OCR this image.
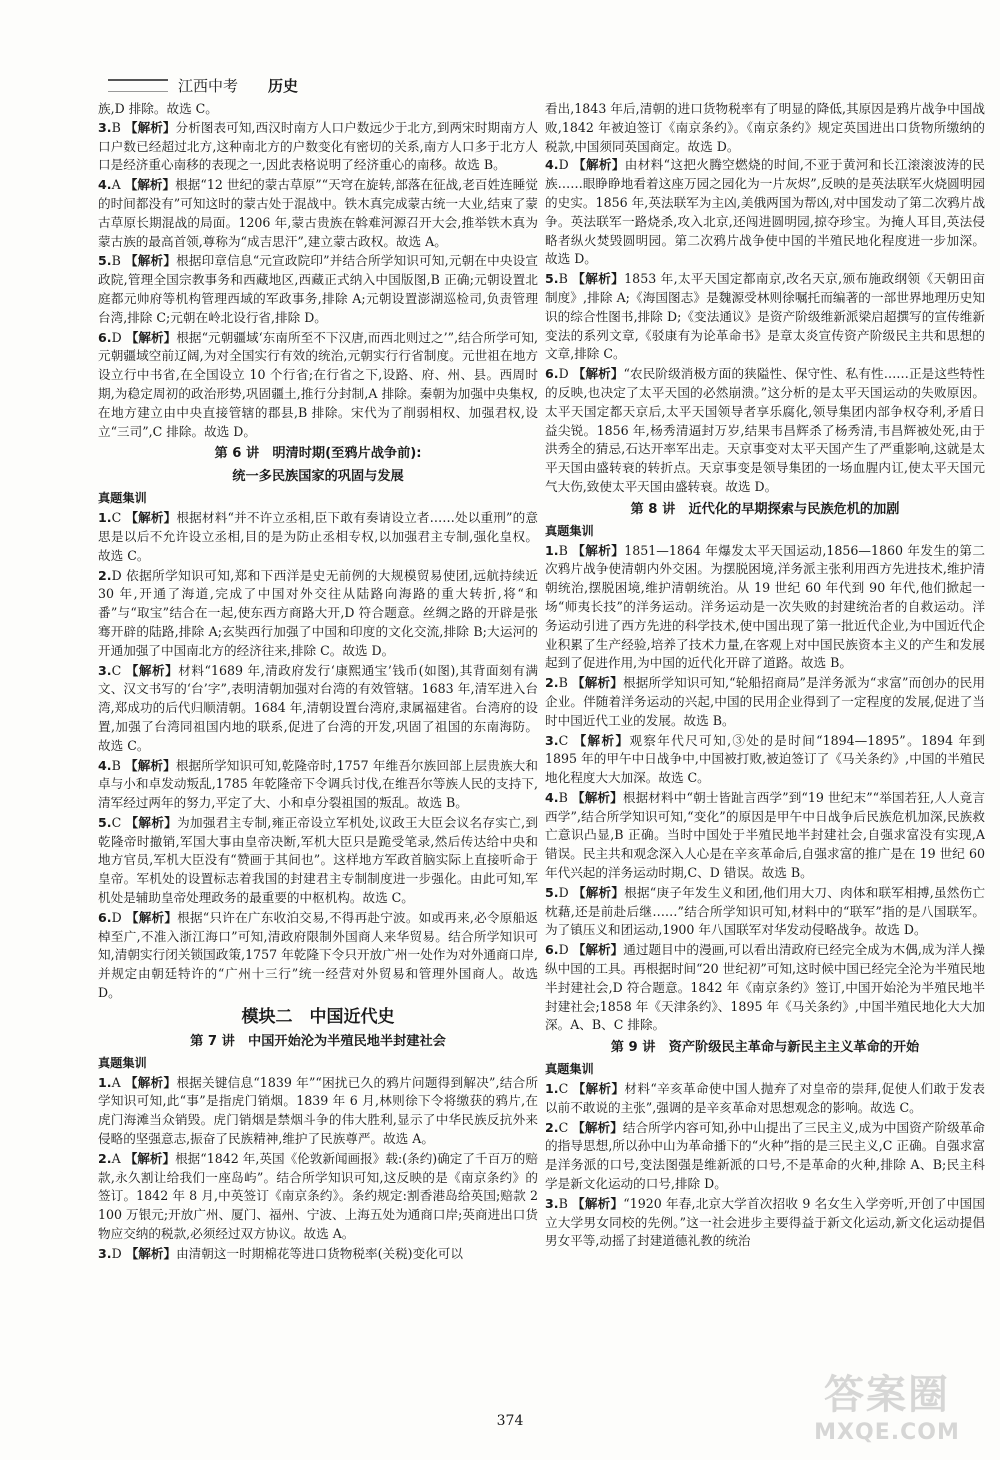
江西中考 历史

族,D 排除。故选 C。

3.B 【解析】分析图表可知,西汉时南方人口户数远少于北方,到两宋时期南方人口户数已经超过北方,这种南北方的户数变化有密切的关系,南方人口多于北方人口是经济重心南移的表现之一,因此表格说明了经济重心的南移。故选 B。

4.A 【解析】根据“12 世纪的蒙古草原”“天穹在旋转,部落在征战,老百姓连睡觉的时间都没有”可知这时的蒙古处于混战中。铁木真完成蒙古统一大业,结束了蒙古草原长期混战的局面。1206 年,蒙古贵族在斡难河源召开大会,推举铁木真为蒙古族的最高首领,尊称为“成吉思汗”,建立蒙古政权。故选 A。

5.B 【解析】根据印章信息“元宣政院印”并结合所学知识可知,元朝在中央设宣政院,管理全国宗教事务和西藏地区,西藏正式纳入中国版图,B 正确;元朝设置北庭都元帅府等机构管理西域的军政事务,排除 A;元朝设置澎湖巡检司,负责管理台湾,排除 C;元朝在岭北设行省,排除 D。

6.D 【解析】根据“元朝疆域‘东南所至不下汉唐,而西北则过之’”,结合所学可知,元朝疆域空前辽阔,为对全国实行有效的统治,元朝实行行省制度。元世祖在地方设立行中书省,在全国设立 10 个行省;在行省之下,设路、府、州、县。西周时期,为稳定周初的政治形势,巩固疆土,推行分封制,A 排除。秦朝为加强中央集权,在地方建立由中央直接管辖的郡县,B 排除。宋代为了削弱相权、加强君权,设立“三司”,C 排除。故选 D。

第 6 讲　明清时期(至鸦片战争前):
统一多民族国家的巩固与发展
真题集训

1.C 【解析】根据材料“并不许立丞相,臣下敢有奏请设立者……处以重刑”的意思是以后不允许设立丞相,目的是为防止丞相专权,以加强君主专制,强化皇权。故选 C。

2.D 依据所学知识可知,郑和下西洋是史无前例的大规模贸易使团,远航持续近 30 年,开通了海道,完成了中国对外交往从陆路向海路的重大转折,将“和番”与“取宝”结合在一起,使东西方商路大开,D 符合题意。丝绸之路的开辟是张骞开辟的陆路,排除 A;玄奘西行加强了中国和印度的文化交流,排除 B;大运河的开通加强了中国南北方的经济往来,排除 C。故选 D。

3.C 【解析】材料“1689 年,清政府发行‘康熙通宝’钱币(如图),其背面刻有满文、汉文书写的‘台’字”,表明清朝加强对台湾的有效管辖。1683 年,清军进入台湾,郑成功的后代归顺清朝。1684 年,清朝设置台湾府,隶属福建省。台湾府的设置,加强了台湾同祖国内地的联系,促进了台湾的开发,巩固了祖国的东南海防。故选 C。

4.B 【解析】根据所学知识可知,乾隆帝时,1757 年维吾尔族回部上层贵族大和卓与小和卓发动叛乱,1785 年乾隆帝下令调兵讨伐,在维吾尔等族人民的支持下,清军经过两年的努力,平定了大、小和卓分裂祖国的叛乱。故选 B。

5.C 【解析】为加强君主专制,雍正帝设立军机处,议政王大臣会议名存实亡,到乾隆帝时撤销,军国大事由皇帝决断,军机大臣只是跪受笔录,然后传达给中央和地方官员,军机大臣没有“赞画于其间也”。这样地方军政首脑实际上直接听命于皇帝。军机处的设置标志着我国的封建君主专制制度进一步强化。由此可知,军机处是辅助皇帝处理政务的最重要的中枢机构。故选 C。

6.D 【解析】根据“只许在广东收泊交易,不得再赴宁波。如或再来,必令原船返棹至广,不准入浙江海口”可知,清政府限制外国商人来华贸易。结合所学知识可知,清朝实行闭关锁国政策,1757 年乾隆下令只开放广州一处作为对外通商口岸,并规定由朝廷特许的“广州十三行”统一经营对外贸易和管理外国商人。故选 D。

模块二　中国近代史
第 7 讲　中国开始沦为半殖民地半封建社会
真题集训

1.A 【解析】根据关键信息“1839 年”“困扰已久的鸦片问题得到解决”,结合所学知识可知,此“事”是指虎门销烟。1839 年 6 月,林则徐下令将缴获的鸦片,在虎门海滩当众销毁。虎门销烟是禁烟斗争的伟大胜利,显示了中华民族反抗外来侵略的坚强意志,振奋了民族精神,维护了民族尊严。故选 A。

2.A 【解析】根据“1842 年,英国《伦敦新闻画报》载:(条约)确定了千百万的赔款,永久割让给我们一座岛屿”。结合所学知识可知,这反映的是《南京条约》的签订。1842 年 8 月,中英签订《南京条约》。条约规定:割香港岛给英国;赔款 2 100 万银元;开放广州、厦门、福州、宁波、上海五处为通商口岸;英商进出口货物应交纳的税款,必须经过双方协议。故选 A。

3.D 【解析】由清朝这一时期棉花等进口货物税率(关税)变化可以

看出,1843 年后,清朝的进口货物税率有了明显的降低,其原因是鸦片战争中国战败,1842 年被迫签订《南京条约》。《南京条约》规定英国进出口货物所缴纳的税款,中国须同英国商定。故选 D。

4.D 【解析】由材料“这把火腾空燃烧的时间,不亚于黄河和长江滚滚波涛的民族……眼睁睁地看着这座万园之园化为一片灰烬”,反映的是英法联军火烧圆明园的史实。1856 年,英法联军为主凶,美俄两国为帮凶,对中国发动了第二次鸦片战争。英法联军一路烧杀,攻入北京,还闯进圆明园,掠夺珍宝。为掩人耳目,英法侵略者纵火焚毁圆明园。第二次鸦片战争使中国的半殖民地化程度进一步加深。故选 D。

5.B 【解析】1853 年,太平天国定都南京,改名天京,颁布施政纲领《天朝田亩制度》,排除 A;《海国图志》是魏源受林则徐嘱托而编著的一部世界地理历史知识的综合性图书,排除 D;《变法通议》是资产阶级维新派梁启超撰写的宣传维新变法的系列文章,《驳康有为论革命书》是章太炎宣传资产阶级民主共和思想的文章,排除 C。

6.D 【解析】“农民阶级消极方面的狭隘性、保守性、私有性……正是这些特性的反映,也决定了太平天国的必然崩溃。”这分析的是太平天国运动的失败原因。太平天国定都天京后,太平天国领导者享乐腐化,领导集团内部争权夺利,矛盾日益尖锐。1856 年,杨秀清逼封万岁,结果韦昌辉杀了杨秀清,韦昌辉被处死,由于洪秀全的猜忌,石达开率军出走。天京事变对太平天国产生了严重影响,这就是太平天国由盛转衰的转折点。天京事变是领导集团的一场血腥内讧,使太平天国元气大伤,致使太平天国由盛转衰。故选 D。

第 8 讲　近代化的早期探索与民族危机的加剧
真题集训

1.B 【解析】1851—1864 年爆发太平天国运动,1856—1860 年发生的第二次鸦片战争使清朝内外交困。为摆脱困境,洋务派主张利用西方先进技术,维护清朝统治,摆脱困境,维护清朝统治。从 19 世纪 60 年代到 90 年代,他们掀起一场“师夷长技”的洋务运动。洋务运动是一次失败的封建统治者的自救运动。洋务运动引进了西方先进的科学技术,使中国出现了第一批近代企业,为中国近代企业积累了生产经验,培养了技术力量,在客观上对中国民族资本主义的产生和发展起到了促进作用,为中国的近代化开辟了道路。故选 B。

2.B 【解析】根据所学知识可知,“轮船招商局”是洋务派为“求富”而创办的民用企业。伴随着洋务运动的兴起,中国的民用企业得到了一定程度的发展,促进了当时中国近代工业的发展。故选 B。

3.C 【解析】观察年代尺可知,③处的是时间“1894—1895”。1894 年到 1895 年的甲午中日战争中,中国被打败,被迫签订了《马关条约》,中国的半殖民地化程度大大加深。故选 C。

4.B 【解析】根据材料中“朝士皆趾言西学”到“19 世纪末”“举国若狂,人人竟言西学”,结合所学知识可知,“变化”的原因是甲午中日战争后民族危机加深,民族救亡意识凸显,B 正确。当时中国处于半殖民地半封建社会,自强求富没有实现,A 错误。民主共和观念深入人心是在辛亥革命后,自强求富的推广是在 19 世纪 60 年代兴起的洋务运动时期,C、D 错误。故选 B。

5.D 【解析】根据“庚子年发生义和团,他们用大刀、肉体和联军相搏,虽然伤亡枕藉,还是前赴后继……”结合所学知识可知,材料中的“联军”指的是八国联军。为了镇压义和团运动,1900 年八国联军对华发动侵略战争。故选 D。

6.D 【解析】通过题目中的漫画,可以看出清政府已经完全成为木偶,成为洋人操纵中国的工具。再根据时间“20 世纪初”可知,这时候中国已经完全沦为半殖民地半封建社会,D 符合题意。1842 年《南京条约》签订,中国开始沦为半殖民地半封建社会;1858 年《天津条约》、1895 年《马关条约》,中国半殖民地化大大加深。A、B、C 排除。

第 9 讲　资产阶级民主革命与新民主主义革命的开始
真题集训

1.C 【解析】材料“辛亥革命使中国人抛弃了对皇帝的崇拜,促使人们敢于发表以前不敢说的主张”,强调的是辛亥革命对思想观念的影响。故选 C。

2.C 【解析】结合所学内容可知,孙中山提出了三民主义,成为中国资产阶级革命的指导思想,所以孙中山为革命播下的“火种”指的是三民主义,C 正确。自强求富是洋务派的口号,变法图强是维新派的口号,不是革命的火种,排除 A、B;民主科学是新文化运动的口号,排除 D。

3.B 【解析】“1920 年春,北京大学首次招收 9 名女生入学旁听,开创了中国国立大学男女同校的先例。”这一社会进步主要得益于新文化运动,新文化运动提倡男女平等,动摇了封建道德礼教的统治

374
答案圈
MXQE.COM
